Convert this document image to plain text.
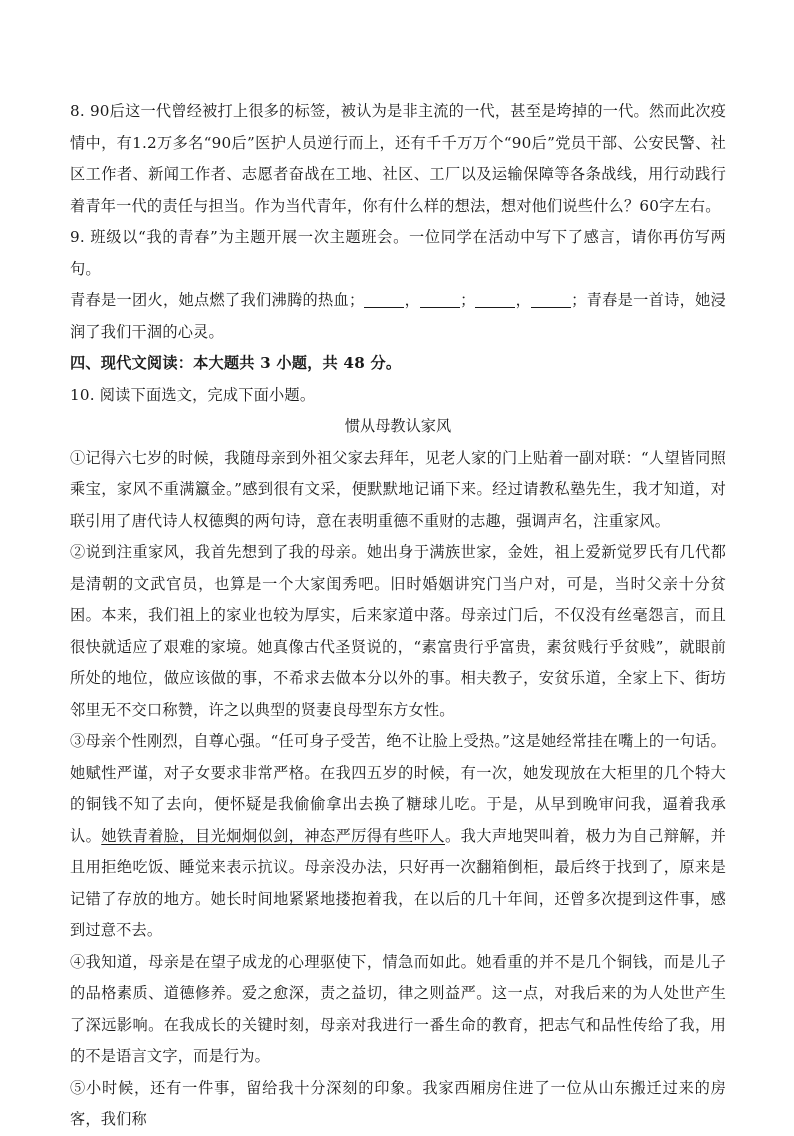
8. 90后这一代曾经被打上很多的标签，被认为是非主流的一代，甚至是垮掉的一代。然而此次疫情中，有1.2万多名“90后”医护人员逆行而上，还有千千万万个“90后”党员干部、公安民警、社区工作者、新闻工作者、志愿者奋战在工地、社区、工厂以及运输保障等各条战线，用行动践行着青年一代的责任与担当。作为当代青年，你有什么样的想法，想对他们说些什么？60字左右。

9. 班级以“我的青春”为主题开展一次主题班会。一位同学在活动中写下了感言，请你再仿写两句。

青春是一团火，她点燃了我们沸腾的热血；	，	；	，	；青春是一首诗，她浸润了我们干涸的心灵。

四、现代文阅读：本大题共 3 小题，共 48 分。

10. 阅读下面选文，完成下面小题。

惯从母教认家风

①记得六七岁的时候，我随母亲到外祖父家去拜年，见老人家的门上贴着一副对联：“人望皆同照乘宝，家风不重满籝金。”感到很有文采，便默默地记诵下来。经过请教私塾先生，我才知道，对联引用了唐代诗人权德舆的两句诗，意在表明重德不重财的志趣，强调声名，注重家风。

②说到注重家风，我首先想到了我的母亲。她出身于满族世家，金姓，祖上爱新觉罗氏有几代都是清朝的文武官员，也算是一个大家闺秀吧。旧时婚姻讲究门当户对，可是，当时父亲十分贫困。本来，我们祖上的家业也较为厚实，后来家道中落。母亲过门后，不仅没有丝毫怨言，而且很快就适应了艰难的家境。她真像古代圣贤说的，“素富贵行乎富贵，素贫贱行乎贫贱”，就眼前所处的地位，做应该做的事，不希求去做本分以外的事。相夫教子，安贫乐道，全家上下、街坊邻里无不交口称赞，许之以典型的贤妻良母型东方女性。

③母亲个性刚烈，自尊心强。“任可身子受苦，绝不让脸上受热。”这是她经常挂在嘴上的一句话。她赋性严谨，对子女要求非常严格。在我四五岁的时候，有一次，她发现放在大柜里的几个特大的铜钱不知了去向，便怀疑是我偷偷拿出去换了糖球儿吃。于是，从早到晚审问我，逼着我承认。她铁青着脸，目光炯炯似剑，神态严厉得有些吓人。我大声地哭叫着，极力为自己辩解，并且用拒绝吃饭、睡觉来表示抗议。母亲没办法，只好再一次翻箱倒柜，最后终于找到了，原来是记错了存放的地方。她长时间地紧紧地搂抱着我，在以后的几十年间，还曾多次提到这件事，感到过意不去。

④我知道，母亲是在望子成龙的心理驱使下，情急而如此。她看重的并不是几个铜钱，而是儿子的品格素质、道德修养。爱之愈深，责之益切，律之则益严。这一点，对我后来的为人处世产生了深远影响。在我成长的关键时刻，母亲对我进行一番生命的教育，把志气和品性传给了我，用的不是语言文字，而是行为。

⑤小时候，还有一件事，留给我十分深刻的印象。我家西厢房住进了一位从山东搬迁过来的房客，我们称
